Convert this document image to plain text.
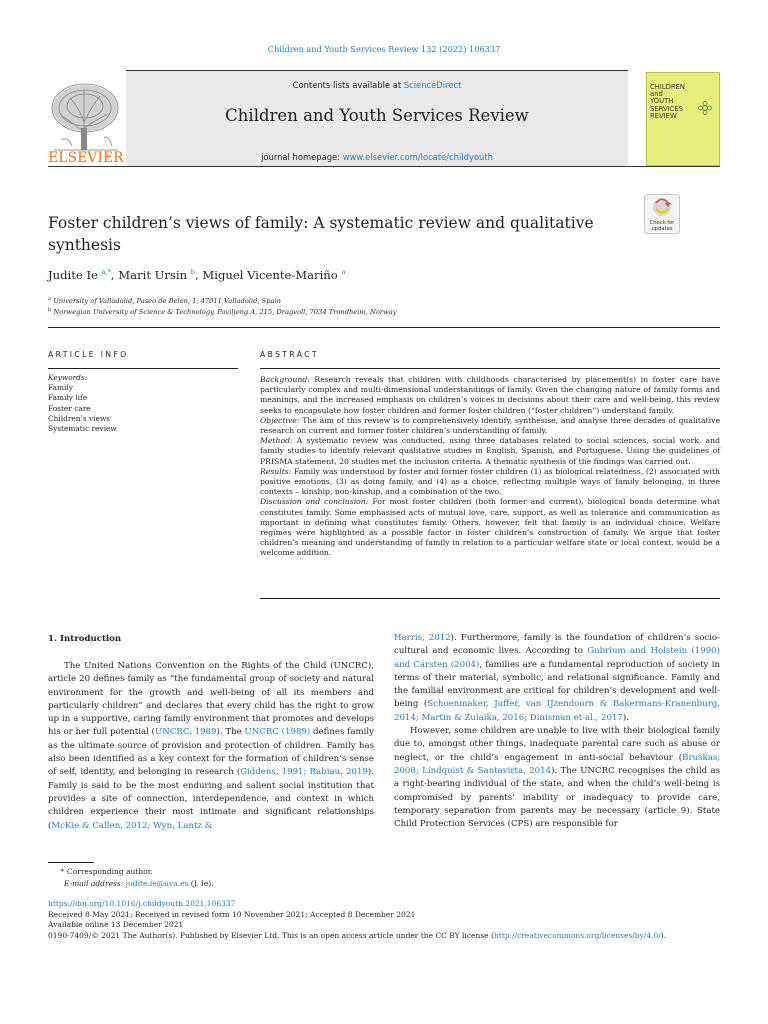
Children and Youth Services Review 132 (2022) 106337
Contents lists available at ScienceDirect
Children and Youth Services Review
journal homepage: www.elsevier.com/locate/childyouth
ELSEVIER
CHILDREN
and
YOUTH
SERVICES
REVIEW
Foster children’s views of family: A systematic review and qualitative synthesis
Check for
updates
Judite Ie $^{a,*}$, Marit Ursin $^b$, Miguel Vicente-Mariño $^a$
$^a$ University of Valladolid, Paseo de Belén, 1, 47011 Valladolid, Spain
$^b$ Norwegian University of Science & Technology, Pavilјong A, 215, Dragvoll, 7034 Trondheim, Norway
ARTICLE INFO
Keywords:
Family
Family life
Foster care
Children’s views
Systematic review
ABSTRACT

Background: Research reveals that children with childhoods characterised by placement(s) in foster care have particularly complex and multi-dimensional understandings of family. Given the changing nature of family forms and meanings, and the increased emphasis on children’s voices in decisions about their care and well-being, this review seeks to encapsulate how foster children and former foster children (“foster children”) understand family.

Objective: The aim of this review is to comprehensively identify, synthesise, and analyse three decades of qualitative research on current and former foster children’s understanding of family.

Method: A systematic review was conducted, using three databases related to social sciences, social work, and family studies to identify relevant qualitative studies in English, Spanish, and Portuguese. Using the guidelines of PRISMA statement, 20 studies met the inclusion criteria. A thematic synthesis of the findings was carried out.

Results: Family was understood by foster and former foster children (1) as biological relatedness, (2) associated with positive emotions, (3) as doing family, and (4) as a choice, reflecting multiple ways of family belonging, in three contexts – kinship, non-kinship, and a combination of the two.

Discussion and conclusion: For most foster children (both former and current), biological bonds determine what constitutes family. Some emphasised acts of mutual love, care, support, as well as tolerance and communication as important in defining what constitutes family. Others, however, felt that family is an individual choice. Welfare regimes were highlighted as a possible factor in foster children’s construction of family. We argue that foster children’s meaning and understanding of family in relation to a particular welfare state or local context, would be a welcome addition.

1. Introduction

The United Nations Convention on the Rights of the Child (UNCRC), article 20 defines family as “the fundamental group of society and natural environment for the growth and well-being of all its members and particularly children” and declares that every child has the right to grow up in a supportive, caring family environment that promotes and develops his or her full potential (UNCRC, 1989). The UNCRC (1989) defines family as the ultimate source of provision and protection of children. Family has also been identified as a key context for the formation of children’s sense of self, identity, and belonging in research (Giddens, 1991; Rabiau, 2019). Family is said to be the most enduring and salient social institution that provides a site of connection, interdependence, and context in which children experience their most intimate and significant relationships (McKie & Callen, 2012; Wyn, Lantz &

Harris, 2012). Furthermore, family is the foundation of children’s socio-cultural and economic lives. According to Gubrium and Holstein (1990) and Carsten (2004), families are a fundamental reproduction of society in terms of their material, symbolic, and relational significance. Family and the familial environment are critical for children’s development and well-being (Schoenmaker, Juffer, van IJzendoorn & Bakermans-Kranenburg, 2014; Martin & Zulaika, 2016; Dinisman et al., 2017).

However, some children are unable to live with their biological family due to, amongst other things, inadequate parental care such as abuse or neglect, or the child’s engagement in anti-social behaviour (Bruskas, 2008; Lindquist & Santavirta, 2014). The UNCRC recognises the child as a right-bearing individual of the state, and when the child’s well-being is compromised by parents’ inability or inadequacy to provide care, temporary separation from parents may be necessary (article 9). State Child Protection Services (CPS) are responsible for

* Corresponding author.
E-mail address: judite.ie@uva.es (J. Ie).
https://doi.org/10.1016/j.childyouth.2021.106337
Received 8 May 2021; Received in revised form 10 November 2021; Accepted 8 December 2021
Available online 13 December 2021
0190-7409/© 2021 The Author(s). Published by Elsevier Ltd. This is an open access article under the CC BY license (http://creativecommons.org/licenses/by/4.0/).
